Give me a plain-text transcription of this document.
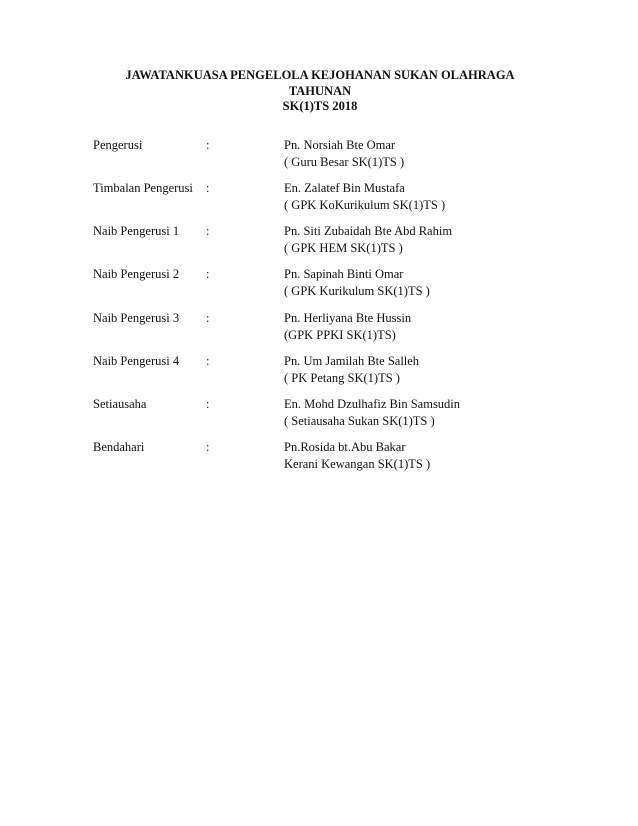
JAWATANKUASA PENGELOLA KEJOHANAN SUKAN OLAHRAGA
TAHUNAN
SK(1)TS 2018
Pengerusi	:	Pn. Norsiah Bte Omar
( Guru Besar SK(1)TS )
Timbalan Pengerusi :	En. Zalatef Bin Mustafa
( GPK KoKurikulum SK(1)TS )
Naib Pengerusi 1 :	Pn. Siti Zubaidah Bte Abd Rahim
( GPK HEM SK(1)TS )
Naib Pengerusi 2 :	Pn. Sapinah Binti Omar
( GPK Kurikulum SK(1)TS )
Naib Pengerusi 3 :	Pn. Herliyana Bte Hussin
(GPK PPKI SK(1)TS)
Naib Pengerusi 4 :	Pn. Um Jamilah Bte Salleh
( PK Petang SK(1)TS )
Setiausaha	:	En. Mohd Dzulhafiz Bin Samsudin
( Setiausaha Sukan SK(1)TS )
Bendahari	:	Pn.Rosida bt.Abu Bakar
Kerani Kewangan SK(1)TS )
